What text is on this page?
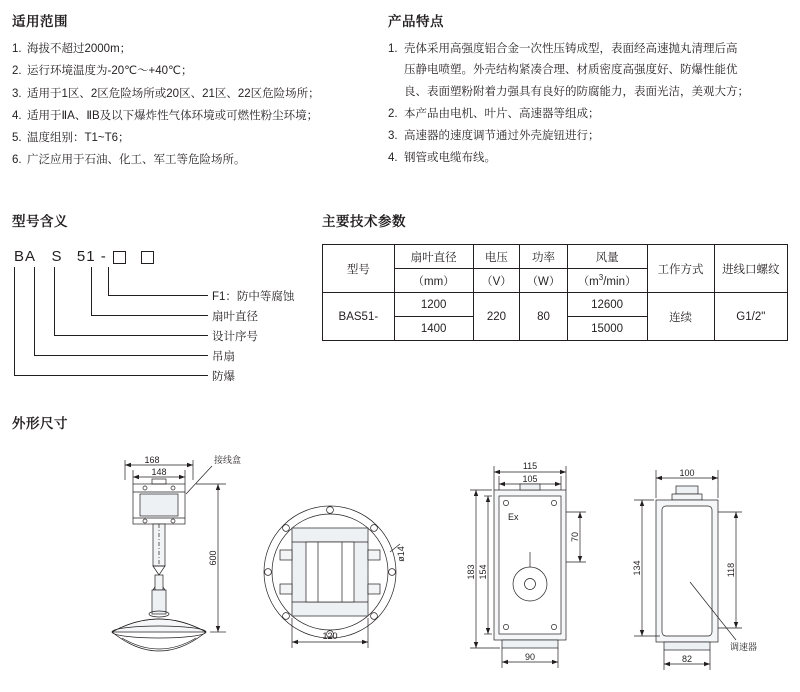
适用范围
1. 海拔不超过2000m；
2. 运行环境温度为-20℃～+40℃；
3. 适用于1区、2区危险场所或20区、21区、22区危险场所；
4. 适用于ⅡA、ⅡB及以下爆炸性气体环境或可燃性粉尘环境；
5. 温度组别：T1~T6；
6. 广泛应用于石油、化工、军工等危险场所。
产品特点
1. 壳体采用高强度铝合金一次性压铸成型，表面经高速抛丸清理后高
压静电喷塑。外壳结构紧凑合理、材质密度高强度好、防爆性能优
良、表面塑粉附着力强具有良好的防腐能力，表面光洁，美观大方；
2. 本产品由电机、叶片、高速器等组成；
3. 高速器的速度调节通过外壳旋钮进行；
4. 钢管或电缆布线。
型号含义
BA S 51 -
F1：防中等腐蚀
扇叶直径
设计序号
吊扇
防爆
主要技术参数
型号	扇叶直径	电压	功率	风量	工作方式	进线口螺纹
	（mm）	（V）	（W）	$(m^3/\min)$		
BAS51-	1200	220	80	12600	连续	G1/2"
	1400			15000		
外形尺寸
168
148
接线盒
600
120
ø14
115
105
183 154
70
90
Ex
100
134	118
82
调速器
